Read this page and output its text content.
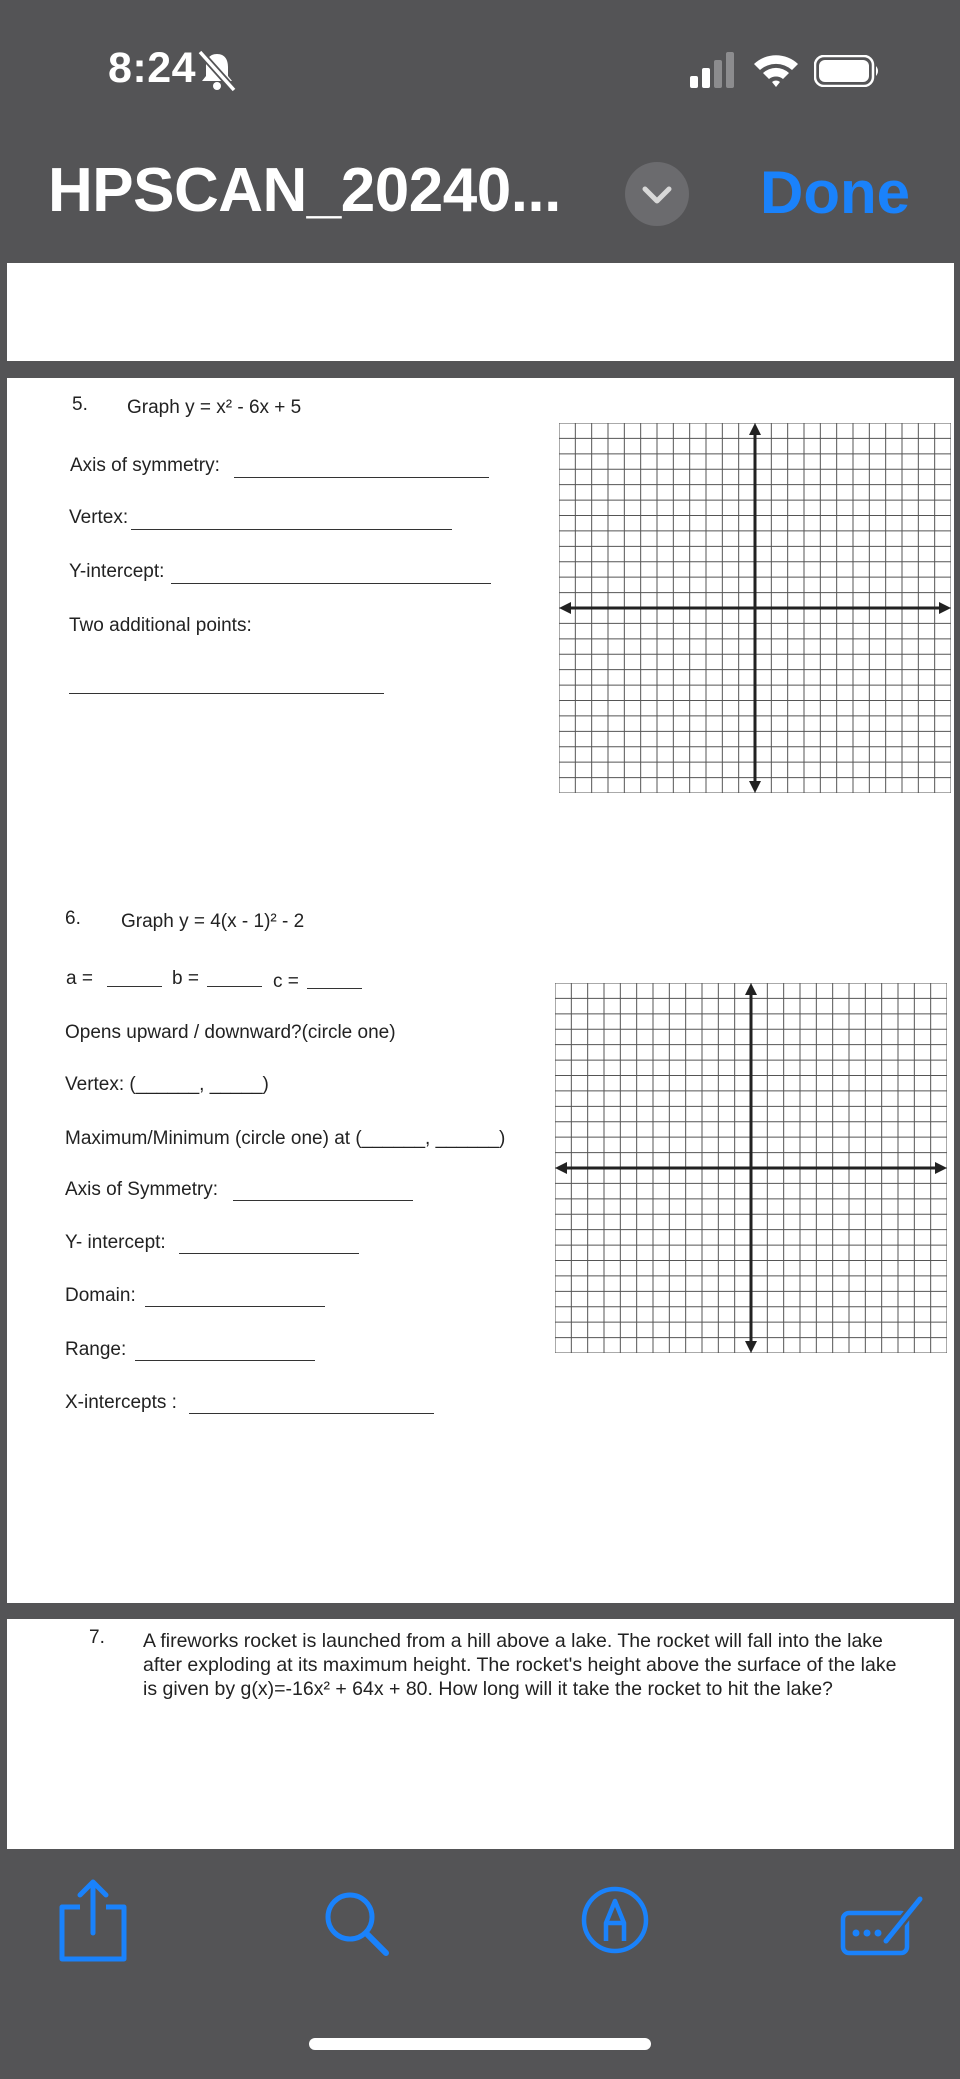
8:24
HPSCAN_20240...	Done
5. Graph y = x² - 6x + 5
Axis of symmetry:
Vertex:
Y-intercept:
Two additional points:
6. Graph y = 4(x - 1)² - 2
a =	b =	c =
Opens upward / downward?(circle one)
Vertex: (______, _____)
Maximum/Minimum (circle one) at (______, ______)
Axis of Symmetry:
Y- intercept:
Domain:
Range:
X-intercepts :
7. A fireworks rocket is launched from a hill above a lake. The rocket will fall into the lake
after exploding at its maximum height. The rocket's height above the surface of the lake
is given by g(x)=-16x² + 64x + 80. How long will it take the rocket to hit the lake?
